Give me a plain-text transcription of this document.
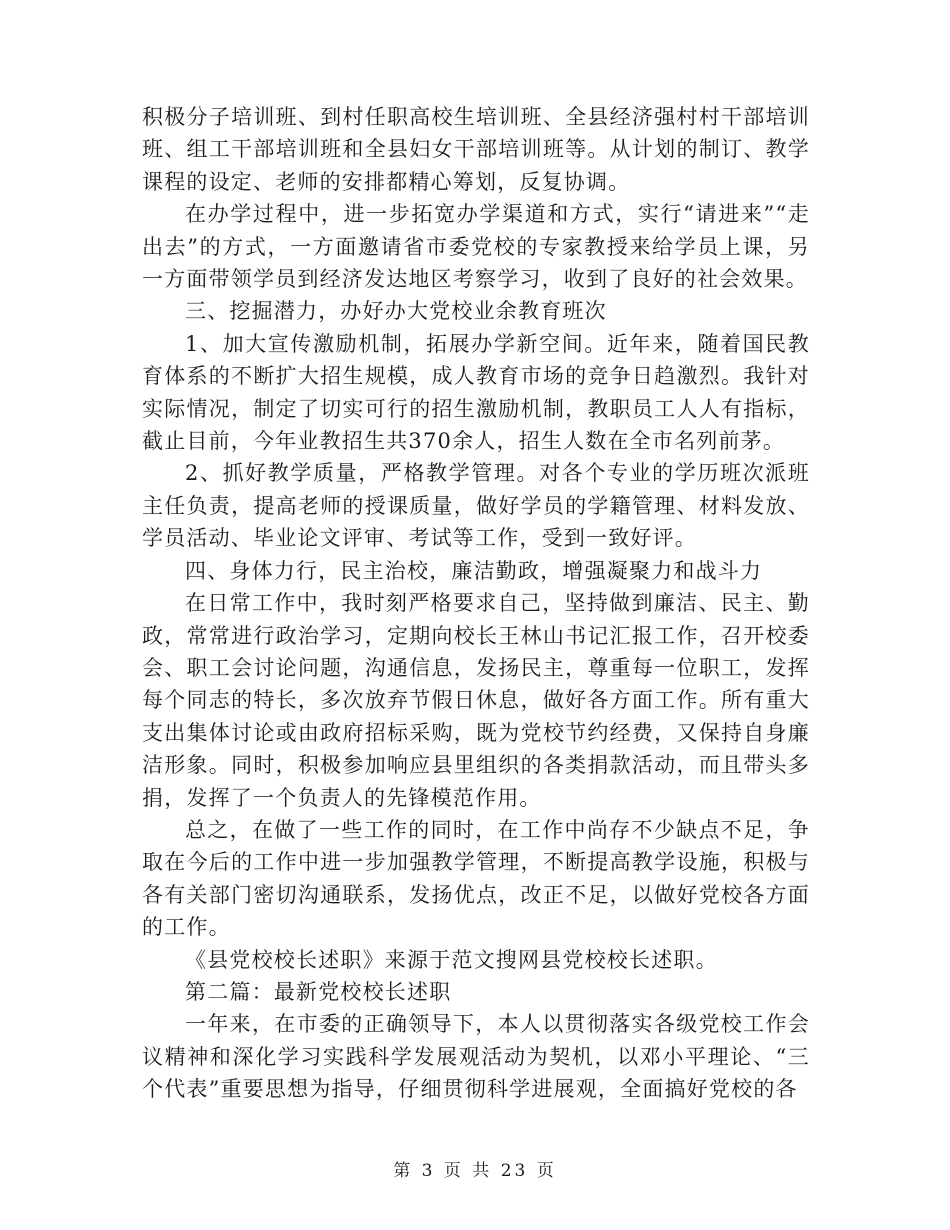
积极分子培训班、到村任职高校生培训班、全县经济强村村干部培训班、组工干部培训班和全县妇女干部培训班等。从计划的制订、教学课程的设定、老师的安排都精心筹划，反复协调。

在办学过程中，进一步拓宽办学渠道和方式，实行“请进来”“走出去”的方式，一方面邀请省市委党校的专家教授来给学员上课，另一方面带领学员到经济发达地区考察学习，收到了良好的社会效果。

三、挖掘潜力，办好办大党校业余教育班次

1、加大宣传激励机制，拓展办学新空间。近年来，随着国民教育体系的不断扩大招生规模，成人教育市场的竞争日趋激烈。我针对实际情况，制定了切实可行的招生激励机制，教职员工人人有指标，截止目前，今年业教招生共370余人，招生人数在全市名列前茅。

2、抓好教学质量，严格教学管理。对各个专业的学历班次派班主任负责，提高老师的授课质量，做好学员的学籍管理、材料发放、学员活动、毕业论文评审、考试等工作，受到一致好评。

四、身体力行，民主治校，廉洁勤政，增强凝聚力和战斗力

在日常工作中，我时刻严格要求自己，坚持做到廉洁、民主、勤政，常常进行政治学习，定期向校长王林山书记汇报工作，召开校委会、职工会讨论问题，沟通信息，发扬民主，尊重每一位职工，发挥每个同志的特长，多次放弃节假日休息，做好各方面工作。所有重大支出集体讨论或由政府招标采购，既为党校节约经费，又保持自身廉洁形象。同时，积极参加响应县里组织的各类捐款活动，而且带头多捐，发挥了一个负责人的先锋模范作用。

总之，在做了一些工作的同时，在工作中尚存不少缺点不足，争取在今后的工作中进一步加强教学管理，不断提高教学设施，积极与各有关部门密切沟通联系，发扬优点，改正不足，以做好党校各方面的工作。

《县党校校长述职》来源于范文搜网县党校校长述职。

第二篇：最新党校校长述职

一年来，在市委的正确领导下，本人以贯彻落实各级党校工作会议精神和深化学习实践科学发展观活动为契机，以邓小平理论、“三个代表”重要思想为指导，仔细贯彻科学进展观，全面搞好党校的各

第 3 页 共 23 页
